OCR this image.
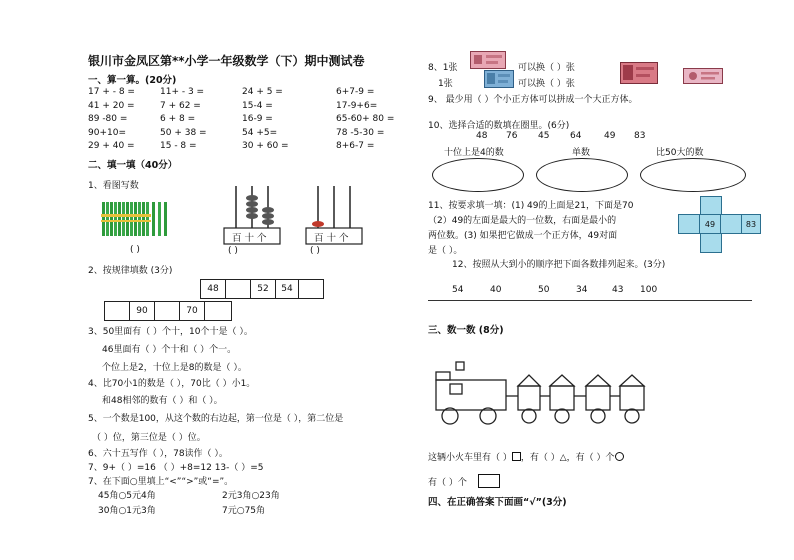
银川市金凤区第**小学一年级数学（下）期中测试卷
一、算一算。(20分)
17 + - 8 =	11+ - 3 =	24 + 5 =	6+7-9 =
41 + 20 =	7 + 62 =	15-4 =	17-9+6=
89 -80 =	6 + 8 =	16-9 =	65-60+ 80 =
90+10=	50 + 38 =	54 +5=	78 -5-30 =
29 + 40 =	15 - 8 =	30 + 60 =	8+6-7 =
二、填一填（40分）
1、看图写数
( )
百 十 个
( )
百 十 个
( )
2、按规律填数 (3分)
48	52	54
90	70
3、50里面有（ ）个十，10个十是（ ）。
46里面有（ ）个十和（ ）个一。
个位上是2，十位上是8的数是（ ）。
4、比70小1的数是（ ），70比（ ）小1。
和48相邻的数有（ ）和（ ）。
5、一个数是100，从这个数的右边起，第一位是（ ），第二位是
（ ）位，第三位是（ ）位。
6、六十五写作（ ），78读作（ ）。
7、9+（ ）=16 （ ）+8=12 13-（ ）=5
7、在下面○里填上“<”“>”或“=”。
45角○5元4角	2元3角○23角
30角○1元3角	7元○75角
8、1张	可以换（ ）张
1张	可以换（ ）张
9、 最少用（ ）个小正方体可以拼成一个大正方体。
10、选择合适的数填在圈里。(6分)
48 76 45 64	49 83
十位上是4的数	单数	比50大的数
11、按要求填一填：(1) 49的上面是21，下面是70
（2）49的左面是最大的一位数，右面是最小的
两位数。(3) 如果把它做成一个正方体，49对面
是（ ）。
49	83
12、按照从大到小的顺序把下面各数排列起来。(3分)
54	40	50	34	43 100
三、数一数 (8分)
这辆小火车里有（ ） ，有（ ）△，有（ ）个
有（ ）个
四、在正确答案下面画“√”(3分)
